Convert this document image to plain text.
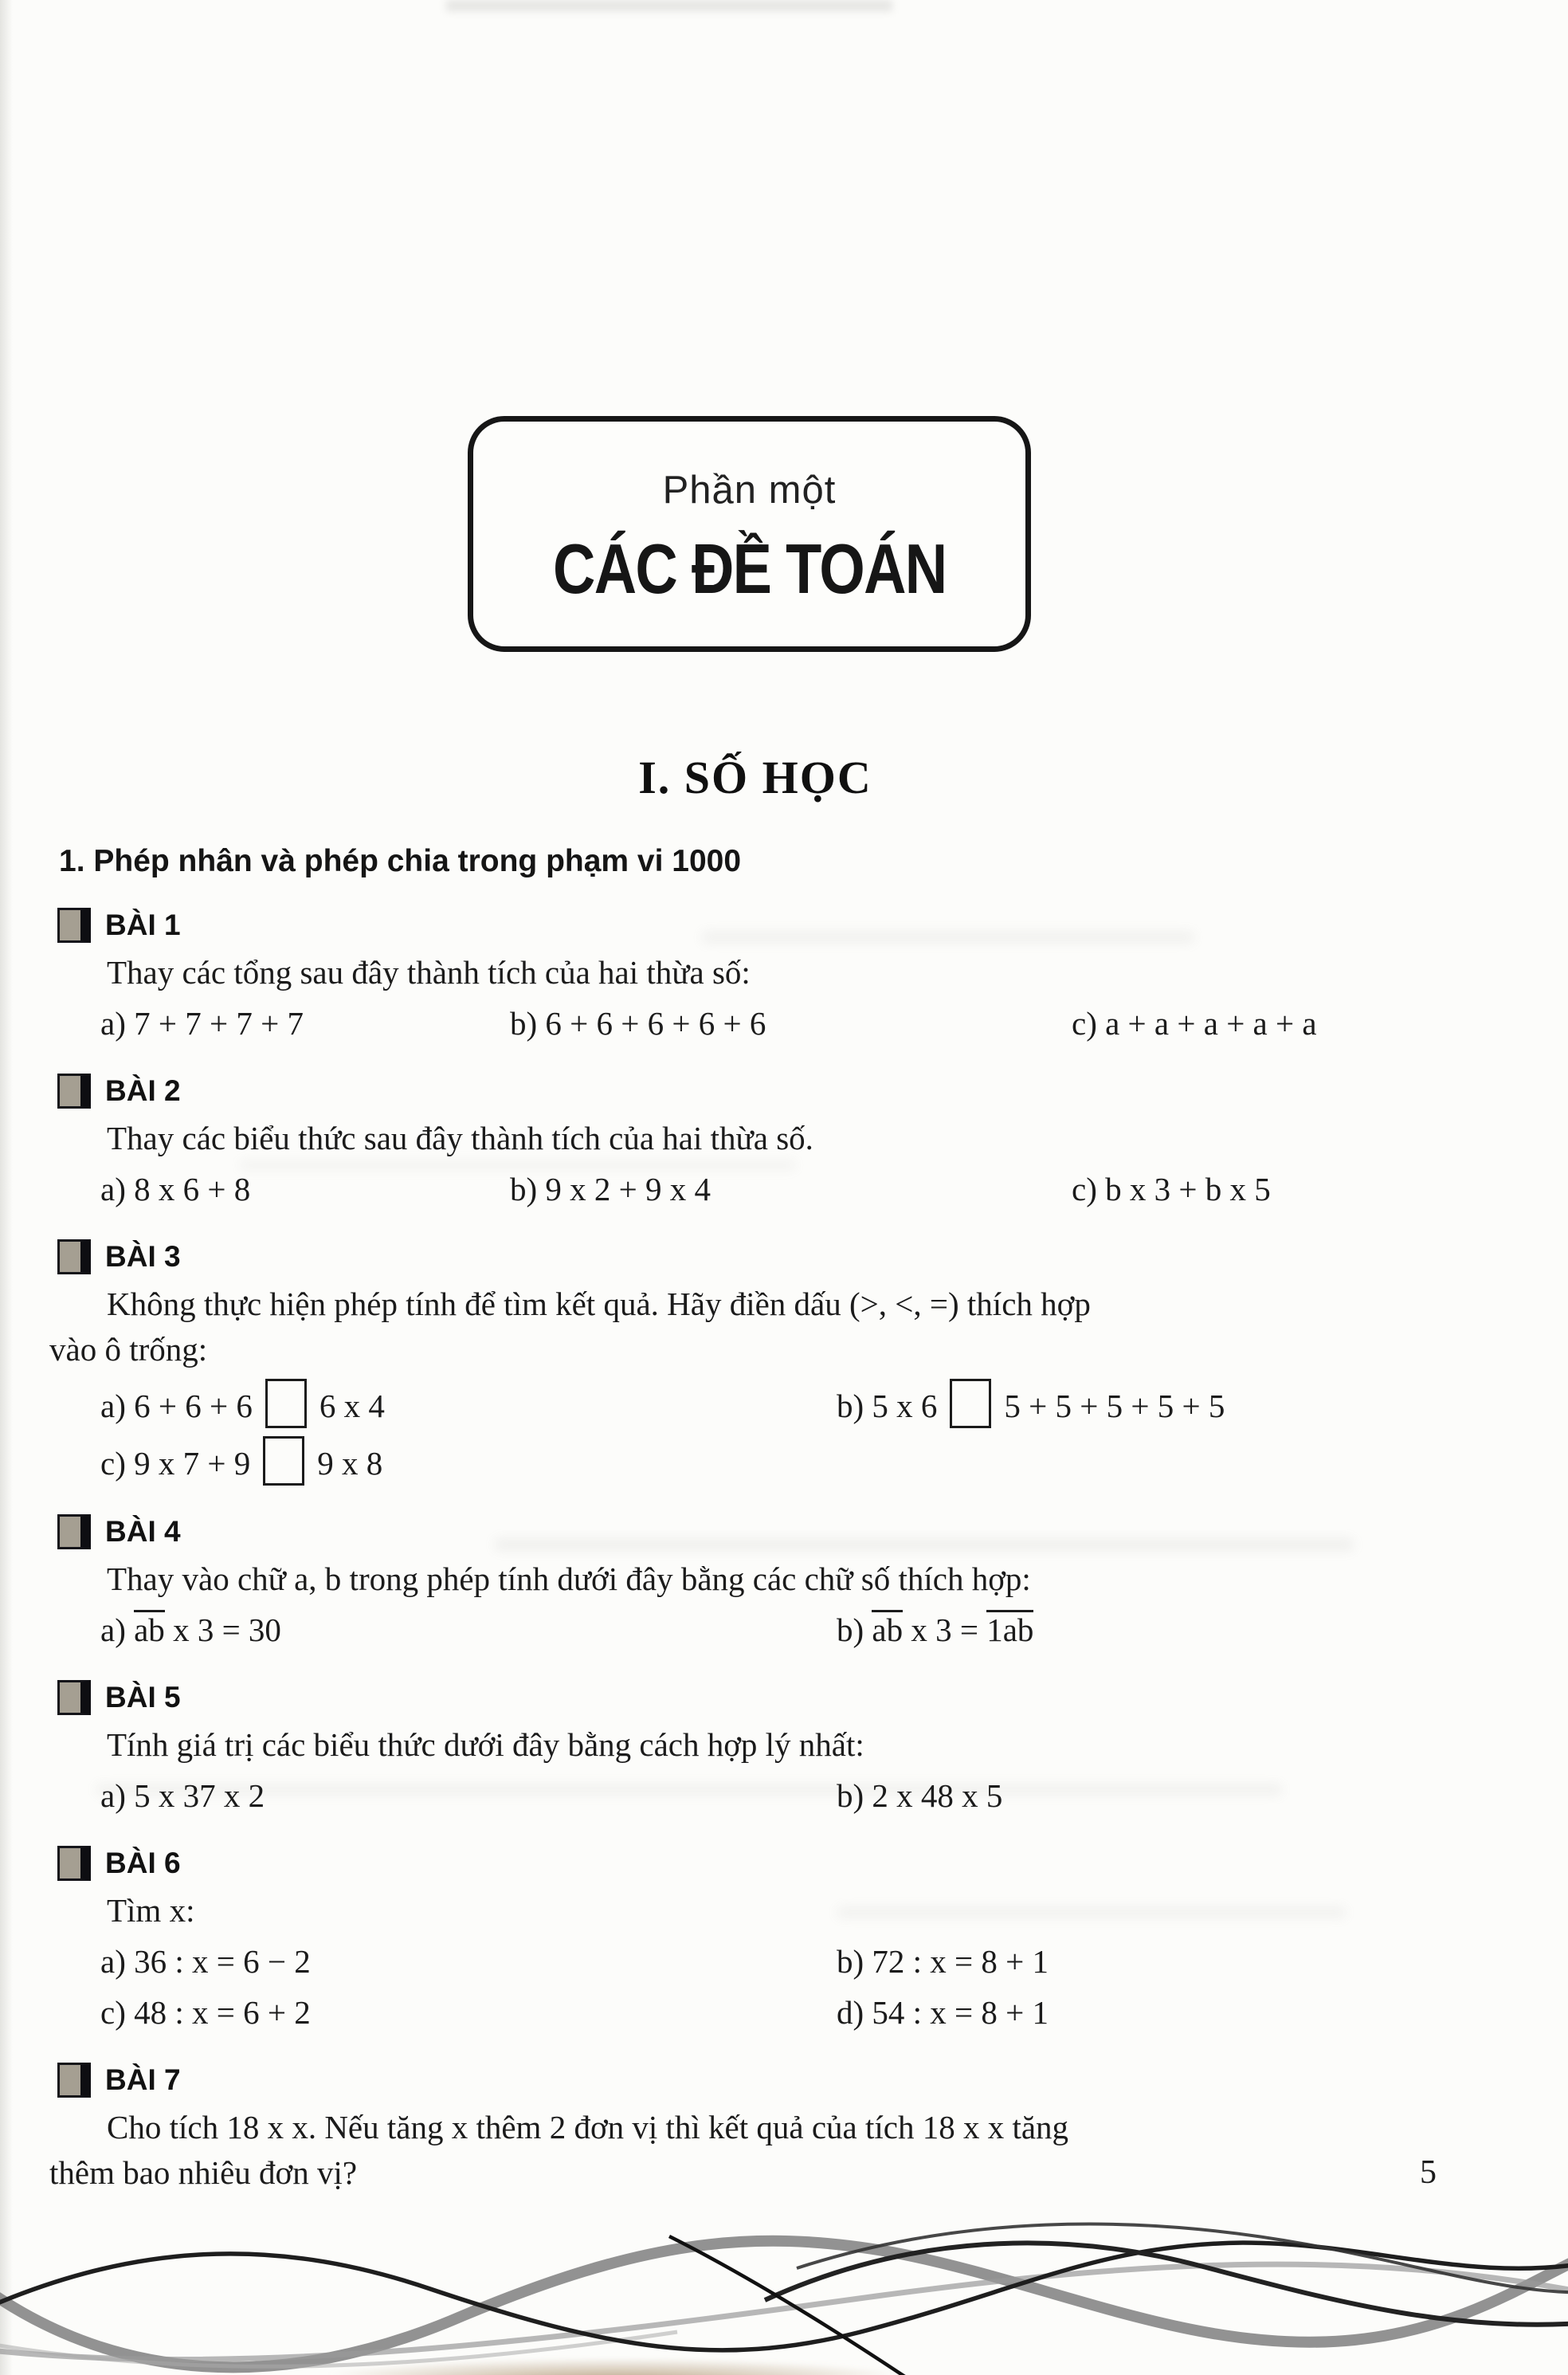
Phần một
CÁC ĐỀ TOÁN
I. SỐ HỌC
1. Phép nhân và phép chia trong phạm vi 1000
BÀI 1
Thay các tổng sau đây thành tích của hai thừa số:
a) 7 + 7 + 7 + 7	b) 6 + 6 + 6 + 6 + 6	c) a + a + a + a + a
BÀI 2
Thay các biểu thức sau đây thành tích của hai thừa số.
a) 8 x 6 + 8	b) 9 x 2 + 9 x 4	c) b x 3 + b x 5
BÀI 3
Không thực hiện phép tính để tìm kết quả. Hãy điền dấu (>, <, =) thích hợp
vào ô trống:
a) 6 + 6 + 6 6 x 4	b) 5 x 6 5 + 5 + 5 + 5 + 5
c) 9 x 7 + 9 9 x 8
BÀI 4
Thay vào chữ a, b trong phép tính dưới đây bằng các chữ số thích hợp:
a) ab x 3 = 30	b) ab x 3 = 1ab
BÀI 5
Tính giá trị các biểu thức dưới đây bằng cách hợp lý nhất:
a) 5 x 37 x 2	b) 2 x 48 x 5
BÀI 6
Tìm x:
a) 36 : x = 6 − 2	b) 72 : x = 8 + 1
c) 48 : x = 6 + 2	d) 54 : x = 8 + 1
BÀI 7
Cho tích 18 x x. Nếu tăng x thêm 2 đơn vị thì kết quả của tích 18 x x tăng
thêm bao nhiêu đơn vị?	5
